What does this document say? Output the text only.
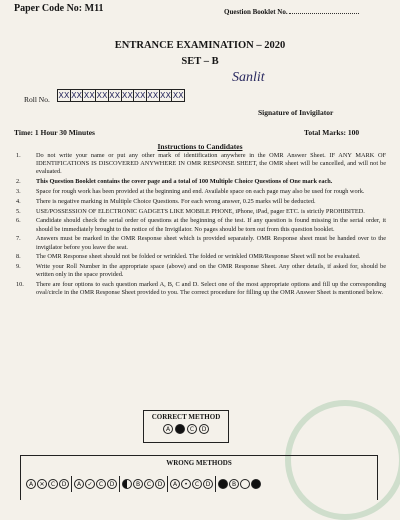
Paper Code No: M11	Question Booklet No.
ENTRANCE EXAMINATION – 2020
SET – B
Sanlit
Roll No. XX XX XX XX XX XX XX XX XX XX
Signature of Invigilator
Time: 1 Hour 30 Minutes	Total Marks: 100
Instructions to Candidates
1.	Do not write your name or put any other mark of identification anywhere in the OMR Answer Sheet. IF ANY MARK OF IDENTIFICATIONS IS DISCOVERED ANYWHERE IN OMR RESPONSE SHEET, the OMR sheet will be cancelled, and will not be evaluated.
2.	This Question Booklet contains the cover page and a total of 100 Multiple Choice Questions of One mark each.
3.	Space for rough work has been provided at the beginning and end. Available space on each page may also be used for rough work.
4.	There is negative marking in Multiple Choice Questions. For each wrong answer, 0.25 marks will be deducted.
5.	USE/POSSESSION OF ELECTRONIC GADGETS LIKE MOBILE PHONE, iPhone, iPad, pager ETC. is strictly PROHIBITED.
6.	Candidate should check the serial order of questions at the beginning of the test. If any question is found missing in the serial order, it should be immediately brought to the notice of the Invigilator. No pages should be torn out from this question booklet.
7.	Answers must be marked in the OMR Response sheet which is provided separately. OMR Response sheet must be handed over to the invigilator before you leave the seat.
8.	The OMR Response sheet should not be folded or wrinkled. The folded or wrinkled OMR/Response Sheet will not be evaluated.
9.	Write your Roll Number in the appropriate space (above) and on the OMR Response Sheet. Any other details, if asked for, should be written only in the space provided.
10.	There are four options to each question marked A, B, C and D. Select one of the most appropriate options and fill up the corresponding oval/circle in the OMR Response Sheet provided to you. The correct procedure for filling up the OMR Answer Sheet is mentioned below.
CORRECT METHOD
A	B	C	D
WRONG METHODS
A	✕	C	D	A	✓	C	D	B	C	D	A	•	C	D	B
